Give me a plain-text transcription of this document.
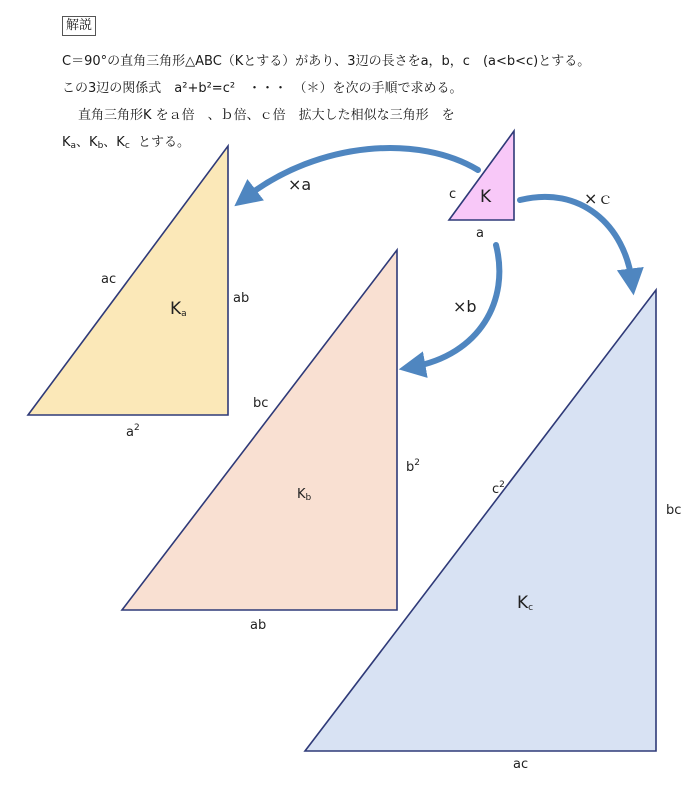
解説
C＝90°の直角三角形△ABC（Kとする）があり、3辺の長さをa，b，c　(a<b<c)とする。
この3辺の関係式　a²+b²=c²　・・・　（＊）を次の手順で求める。
直角三角形K をａ倍　、ｂ倍、ｃ倍　拡大した相似な三角形　を
$K_a$、$K_b$、$K_c$ とする。
K
c
a
$K_a$
ac
ab
$a^2$
$K_b$
bc
$b^2$
ab
$K_c$
$c^2$
bc
ac
×a
×b
×ｃ
